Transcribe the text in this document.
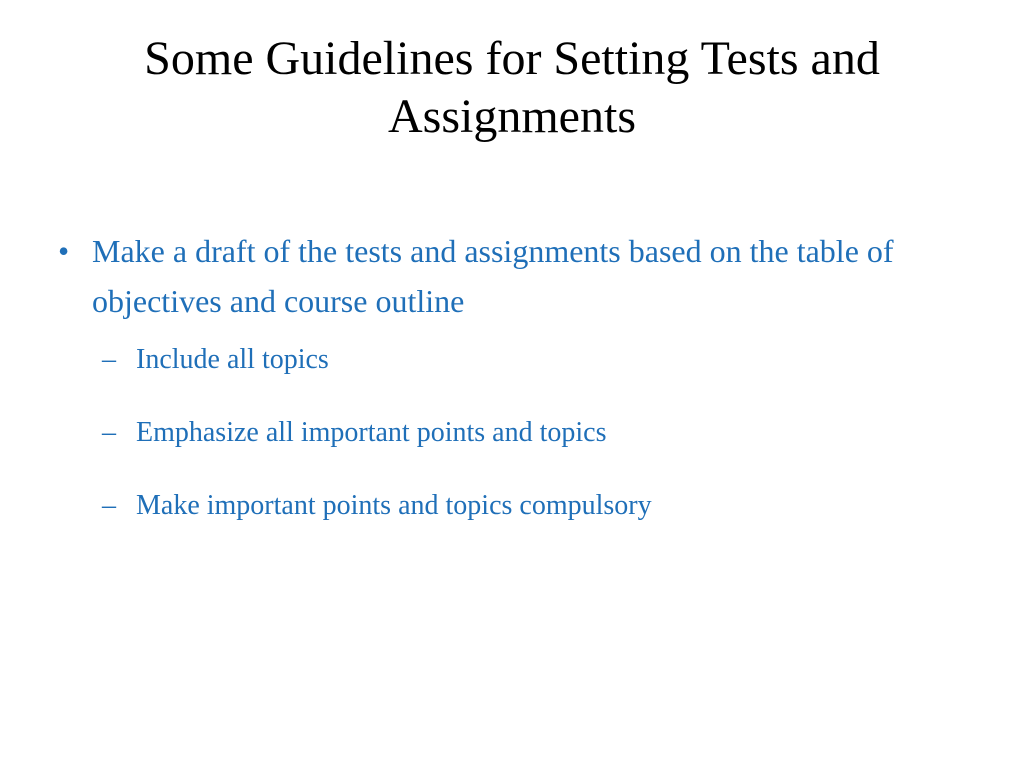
Some Guidelines for Setting Tests and Assignments
• Make a draft of the tests and assignments based on the table of objectives and course outline
– Include all topics
– Emphasize all important points and topics
– Make important points and topics compulsory
